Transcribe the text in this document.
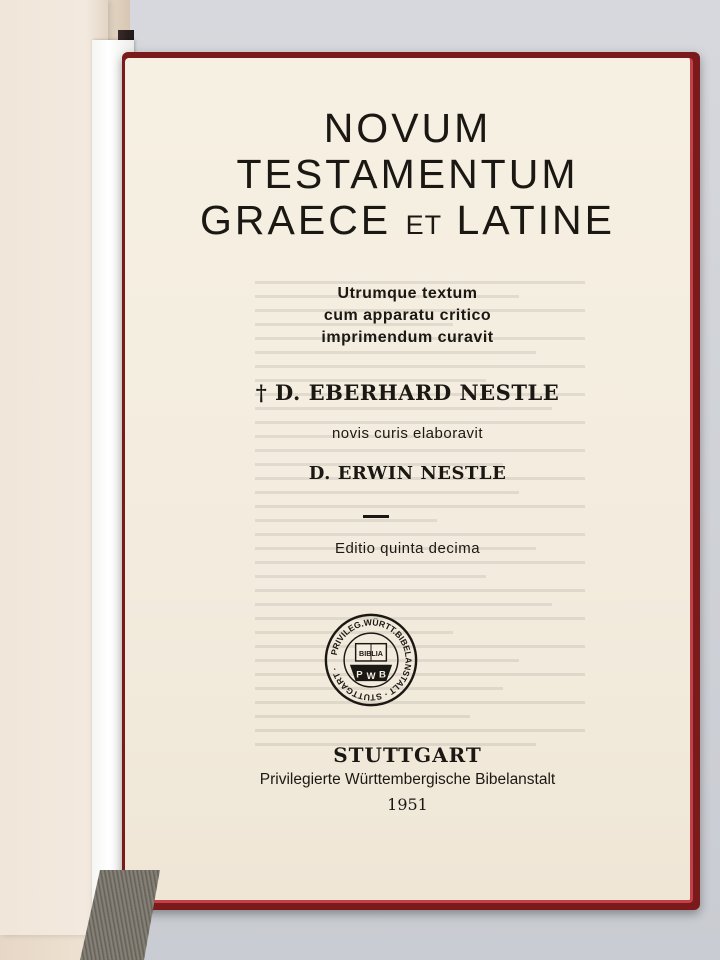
NOVUM
TESTAMENTUM
GRAECE ET LATINE
Utrumque textum
cum apparatu critico
imprimendum curavit
† D. EBERHARD NESTLE
novis curis elaboravit
D. ERWIN NESTLE
Editio quinta decima
PRIVILEG.WÜRTT.BIBELANSTALT · STUTTGART ·
BIBLIA
P W B
STUTTGART
Privilegierte Württembergische Bibelanstalt
1951
